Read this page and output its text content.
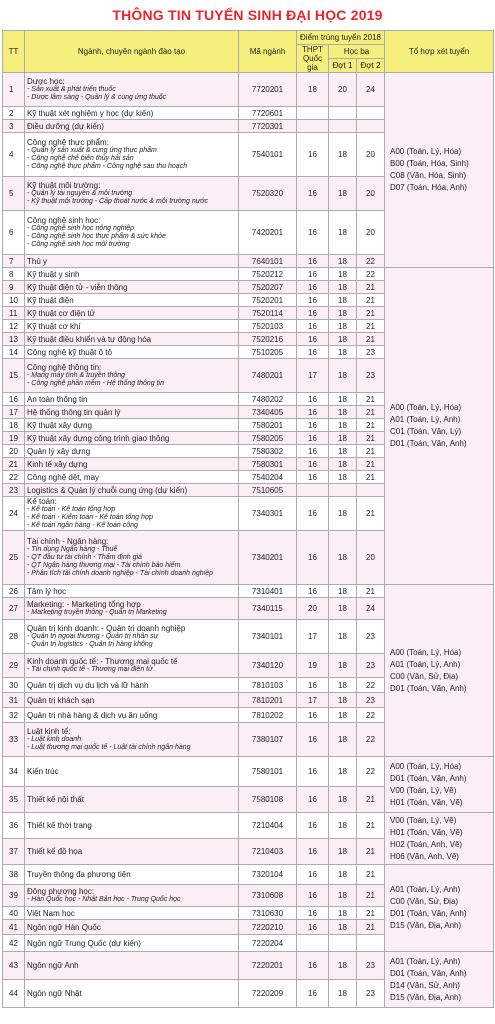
THÔNG TIN TUYỂN SINH ĐẠI HỌC 2019
TT	Ngành, chuyên ngành đào tạo	Mã ngành	Điểm trúng tuyển 2018			Tổ hợp xét tuyển
			THPT Quốc gia	Học bạ		
				Đợt 1	Đợt 2	
1	Dược học:
- Sản xuất & phát triển thuốc
- Dược lâm sàng - Quản lý & cung ứng thuốc	7720201	18	20	24	A00 (Toán, Lý, Hóa)
B00 (Toán, Hóa, Sinh)
C08 (Văn, Hóa, Sinh)
D07 (Toán, Hóa, Anh)

2	Kỹ thuật xét nghiệm y học (dự kiến)	7720601				
3	Điều dưỡng (dự kiến)	7720301				
4	Công nghệ thực phẩm:
- Quản lý sản xuất & cung ứng thực phẩm
- Công nghệ chế biến thủy hải sản
- Công nghệ thực phẩm - Công nghệ sau thu hoạch	7540101	16	18	20	
5	Kỹ thuật môi trường:
- Quản lý tài nguyên & môi trường
- Kỹ thuật môi trường - Cấp thoát nước & môi trường nước	7520320	16	18	20	
6	Công nghệ sinh học:
- Công nghệ sinh học nông nghiệp
- Công nghệ sinh học thực phẩm & sức khỏe
- Công nghệ sinh học môi trường	7420201	16	18	20	
7	Thú y	7640101	16	18	22	
8	Kỹ thuật y sinh	7520212	16	18	22	A00 (Toán, Lý, Hóa)
A01 (Toán, Lý, Anh)
C01 (Toán, Văn, Lý)
D01 (Toán, Văn, Anh)

9	Kỹ thuật điện tử - viễn thông	7520207	16	18	21	
10	Kỹ thuật điện	7520201	16	18	21	
11	Kỹ thuật cơ điện tử	7520114	16	18	21	
12	Kỹ thuật cơ khí	7520103	16	18	21	
13	Kỹ thuật điều khiển và tự động hóa	7520216	16	18	21	
14	Công nghệ kỹ thuật ô tô	7510205	16	18	23	
15	Công nghệ thông tin:
- Mạng máy tính & truyền thông
- Công nghệ phần mềm - Hệ thống thông tin	7480201	17	18	23	
16	An toàn thông tin	7480202	16	18	21	
17	Hệ thống thông tin quản lý	7340405	16	18	21	
18	Kỹ thuật xây dựng	7580201	16	18	21	
19	Kỹ thuật xây dựng công trình giao thông	7580205	16	18	21	
20	Quản lý xây dựng	7580302	16	18	21	
21	Kinh tế xây dựng	7580301	16	18	21	
22	Công nghệ dệt, may	7540204	16	18	21	
23	Logistics & Quản lý chuỗi cung ứng (dự kiến)	7510605				
24	Kế toán:
- Kế toán - Kế toán tổng hợp
- Kế toán - Kiểm toán - Kế toán tổng hợp
- Kế toán ngân hàng - Kế toán công	7340301	16	18	21	
25	Tài chính - Ngân hàng:
- Tín dụng Ngân hàng - Thuế
- QT đầu tư tài chính - Thẩm định giá
- QT Ngân hàng thương mại - Tài chính bảo hiểm
- Phân tích tài chính doanh nghiệp - Tài chính doanh nghiệp	7340201	16	18	20	
26	Tâm lý học	7310401	16	18	21	A00 (Toán, Lý, Hóa)
A01 (Toán, Lý, Anh)
C00 (Văn, Sử, Địa)
D01 (Toán, Văn, Anh)

27	Marketing: - Marketing tổng hợp
- Marketing truyền thông - Quản trị Marketing	7340115	20	18	24	
28	Quản trị kinh doanh: - Quản trị doanh nghiệp
- Quản trị ngoại thương - Quản trị nhân sự
- Quản trị logistics - Quản trị hàng không	7340101	17	18	23	
29	Kinh doanh quốc tế: - Thương mại quốc tế
- Tài chính quốc tế - Thương mại điện tử	7340120	19	18	23	
30	Quản trị dịch vụ du lịch và lữ hành	7810103	16	18	22	
31	Quản trị khách sạn	7810201	17	18	23	
32	Quản trị nhà hàng & dịch vụ ăn uống	7810202	16	18	22	
33	Luật kinh tế:
- Luật kinh doanh
- Luật thương mại quốc tế - Luật tài chính ngân hàng	7380107	16	18	22	
34	Kiến trúc	7580101	16	18	22	A00 (Toán, Lý, Hóa)
D01 (Toán, Văn, Anh)
V00 (Toán, Lý, Vẽ)
H01 (Toán, Văn, Vẽ)

35	Thiết kế nội thất	7580108	16	18	21	
36	Thiết kế thời trang	7210404	16	18	21	V00 (Toán, Lý, Vẽ)
H01 (Toán, Văn, Vẽ)
H02 (Toán, Anh, Vẽ)
H06 (Văn, Anh, Vẽ)

37	Thiết kế đồ họa	7210403	16	18	21	
38	Truyền thông đa phương tiện	7320104	16	18	21	A01 (Toán, Lý, Anh)
C00 (Văn, Sử, Địa)
D01 (Toán, Văn, Anh)
D15 (Văn, Địa, Anh)

39	Đông phương học:
- Hàn Quốc học - Nhật Bản học - Trung Quốc học	7310608	16	18	21	
40	Việt Nam học	7310630	16	18	21	
41	Ngôn ngữ Hàn Quốc	7220210	16	18	21	
42	Ngôn ngữ Trung Quốc (dự kiến)	7220204				
43	Ngôn ngữ Anh	7220201	16	18	23	A01 (Toán, Lý, Anh)
D01 (Toán, Văn, Anh)
D14 (Văn, Sử, Anh)
D15 (Văn, Địa, Anh)

44	Ngôn ngữ Nhật	7220209	16	18	23	
